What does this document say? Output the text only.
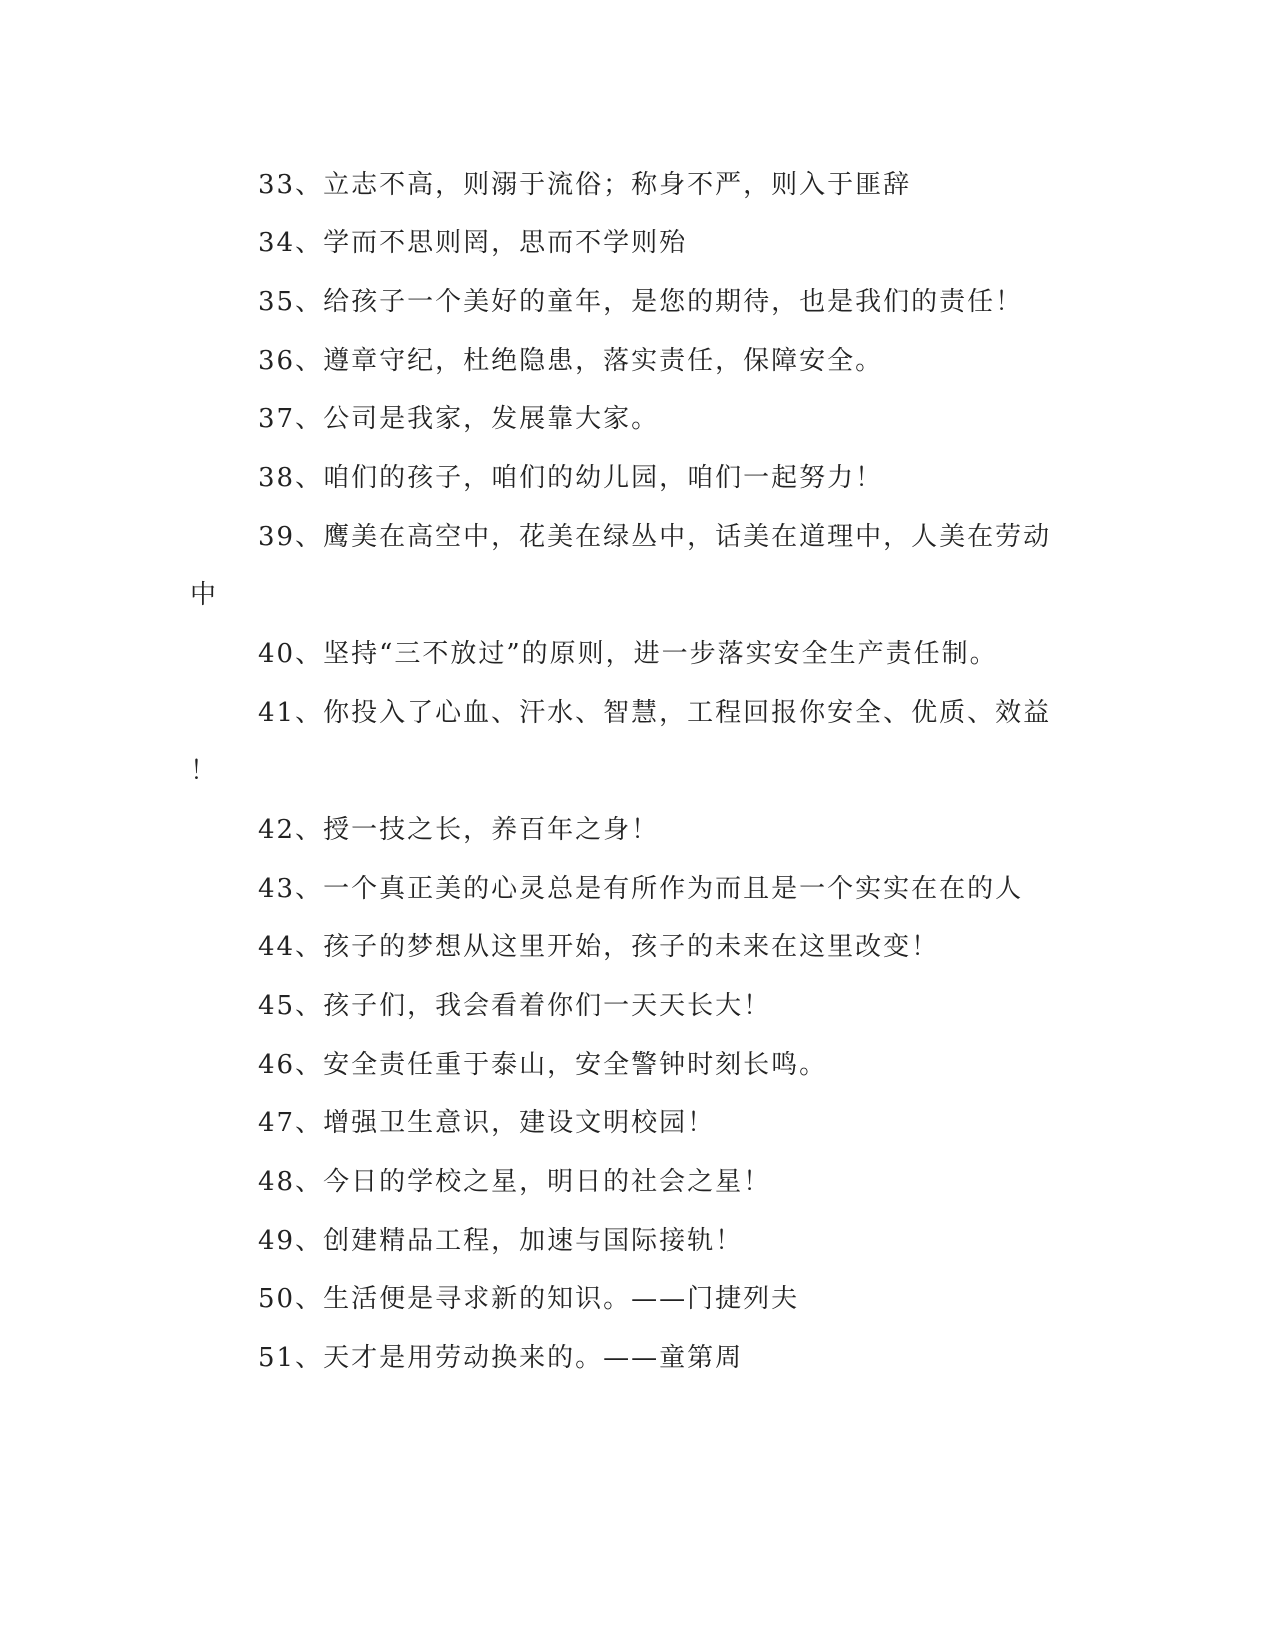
33、立志不高，则溺于流俗；称身不严，则入于匪辞
34、学而不思则罔，思而不学则殆
35、给孩子一个美好的童年，是您的期待，也是我们的责任！
36、遵章守纪，杜绝隐患，落实责任，保障安全。
37、公司是我家，发展靠大家。
38、咱们的孩子，咱们的幼儿园，咱们一起努力！
39、鹰美在高空中，花美在绿丛中，话美在道理中，人美在劳动
中
40、坚持“三不放过”的原则，进一步落实安全生产责任制。
41、你投入了心血、汗水、智慧，工程回报你安全、优质、效益
！
42、授一技之长，养百年之身！
43、一个真正美的心灵总是有所作为而且是一个实实在在的人
44、孩子的梦想从这里开始，孩子的未来在这里改变！
45、孩子们，我会看着你们一天天长大！
46、安全责任重于泰山，安全警钟时刻长鸣。
47、增强卫生意识，建设文明校园！
48、今日的学校之星，明日的社会之星！
49、创建精品工程，加速与国际接轨！
50、生活便是寻求新的知识。——门捷列夫
51、天才是用劳动换来的。——童第周
